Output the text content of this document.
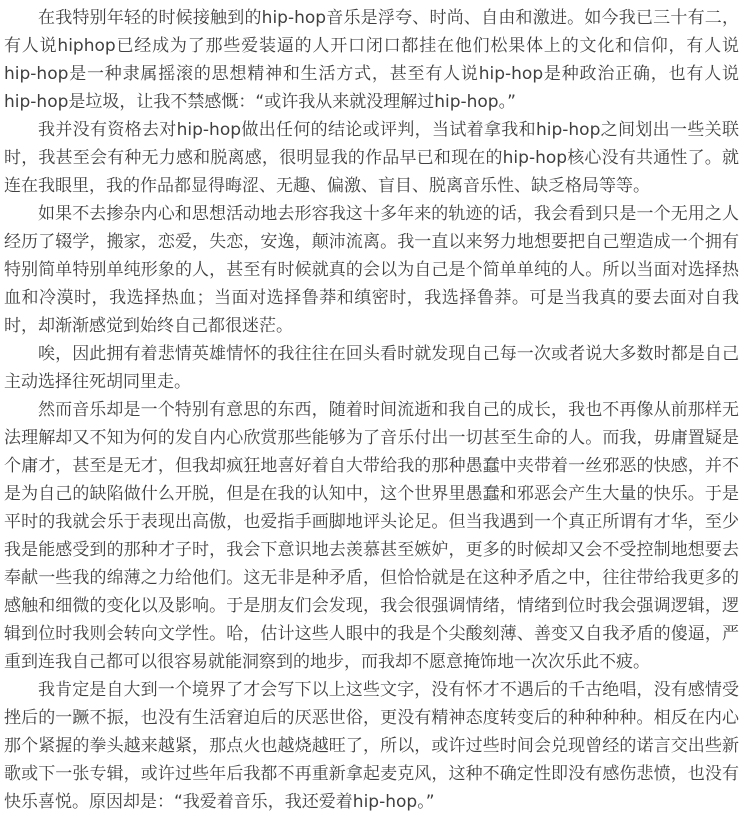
在我特别年轻的时候接触到的hip-hop音乐是浮夸、时尚、自由和激进。如今我已三十有二，有人说hiphop已经成为了那些爱装逼的人开口闭口都挂在他们松果体上的文化和信仰，有人说hip-hop是一种隶属摇滚的思想精神和生活方式，甚至有人说hip-hop是种政治正确，也有人说hip-hop是垃圾，让我不禁感慨：“或许我从来就没理解过hip-hop。”

我并没有资格去对hip-hop做出任何的结论或评判，当试着拿我和hip-hop之间划出一些关联时，我甚至会有种无力感和脱离感，很明显我的作品早已和现在的hip-hop核心没有共通性了。就连在我眼里，我的作品都显得晦涩、无趣、偏激、盲目、脱离音乐性、缺乏格局等等。

如果不去掺杂内心和思想活动地去形容我这十多年来的轨迹的话，我会看到只是一个无用之人经历了辍学，搬家，恋爱，失恋，安逸，颠沛流离。我一直以来努力地想要把自己塑造成一个拥有特别简单特别单纯形象的人，甚至有时候就真的会以为自己是个简单单纯的人。所以当面对选择热血和冷漠时，我选择热血；当面对选择鲁莽和缜密时，我选择鲁莽。可是当我真的要去面对自我时，却渐渐感觉到始终自己都很迷茫。

唉，因此拥有着悲情英雄情怀的我往往在回头看时就发现自己每一次或者说大多数时都是自己主动选择往死胡同里走。

然而音乐却是一个特别有意思的东西，随着时间流逝和我自己的成长，我也不再像从前那样无法理解却又不知为何的发自内心欣赏那些能够为了音乐付出一切甚至生命的人。而我，毋庸置疑是个庸才，甚至是无才，但我却疯狂地喜好着自大带给我的那种愚蠢中夹带着一丝邪恶的快感，并不是为自己的缺陷做什么开脱，但是在我的认知中，这个世界里愚蠢和邪恶会产生大量的快乐。于是平时的我就会乐于表现出高傲，也爱指手画脚地评头论足。但当我遇到一个真正所谓有才华，至少我是能感受到的那种才子时，我会下意识地去羡慕甚至嫉妒，更多的时候却又会不受控制地想要去奉献一些我的绵薄之力给他们。这无非是种矛盾，但恰恰就是在这种矛盾之中，往往带给我更多的感触和细微的变化以及影响。于是朋友们会发现，我会很强调情绪，情绪到位时我会强调逻辑，逻辑到位时我则会转向文学性。哈，估计这些人眼中的我是个尖酸刻薄、善变又自我矛盾的傻逼，严重到连我自己都可以很容易就能洞察到的地步，而我却不愿意掩饰地一次次乐此不疲。

我肯定是自大到一个境界了才会写下以上这些文字，没有怀才不遇后的千古绝唱，没有感情受挫后的一蹶不振，也没有生活窘迫后的厌恶世俗，更没有精神态度转变后的种种种种。相反在内心那个紧握的拳头越来越紧，那点火也越烧越旺了，所以，或许过些时间会兑现曾经的诺言交出些新歌或下一张专辑，或许过些年后我都不再重新拿起麦克风，这种不确定性即没有感伤悲愤，也没有快乐喜悦。原因却是：“我爱着音乐，我还爱着hip-hop。”
